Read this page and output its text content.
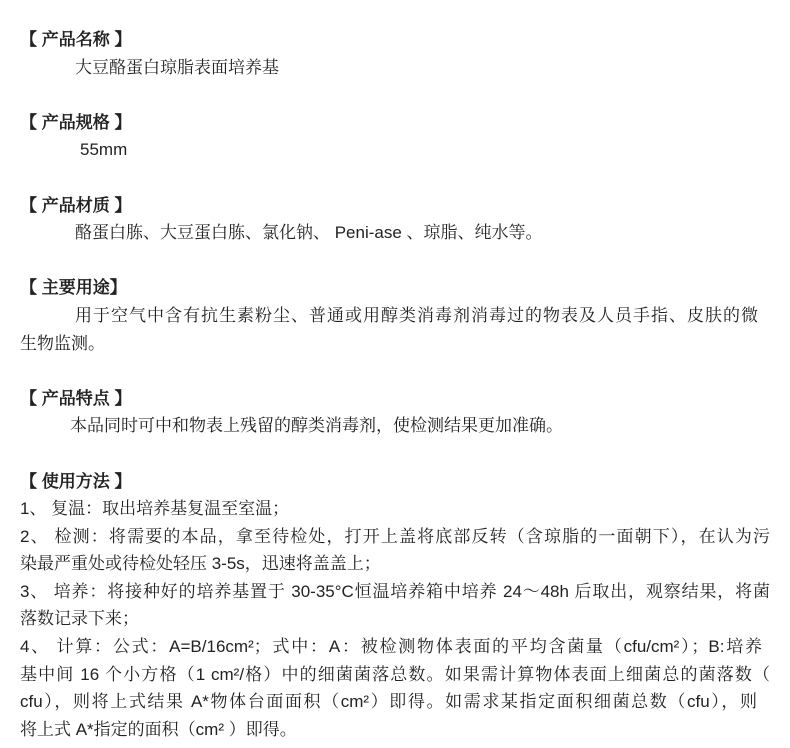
【 产品名称 】
大豆酪蛋白琼脂表面培养基
【 产品规格 】
55mm
【 产品材质 】
酪蛋白胨、大豆蛋白胨、氯化钠、 Peni-ase 、琼脂、纯水等。
【 主要用途】
用于空气中含有抗生素粉尘、普通或用醇类消毒剂消毒过的物表及人员手指、皮肤的微
生物监测。
【 产品特点 】
本品同时可中和物表上残留的醇类消毒剂，使检测结果更加准确。
【 使用方法 】
1、 复温：取出培养基复温至室温；
2、 检测：将需要的本品，拿至待检处，打开上盖将底部反转（含琼脂的一面朝下），在认为污
染最严重处或待检处轻压 3-5s，迅速将盖盖上；
3、 培养：将接种好的培养基置于 30-35°C恒温培养箱中培养 24～48h 后取出，观察结果，将菌
落数记录下来；
4、 计算：公式：A=B/16cm²；式中：A：被检测物体表面的平均含菌量（cfu/cm²）；B:培养
基中间 16 个小方格（1 cm²/格）中的细菌菌落总数。如果需计算物体表面上细菌总的菌落数（
cfu），则将上式结果 A*物体台面面积（cm²）即得。如需求某指定面积细菌总数（cfu），则
将上式 A*指定的面积（cm² ）即得。
